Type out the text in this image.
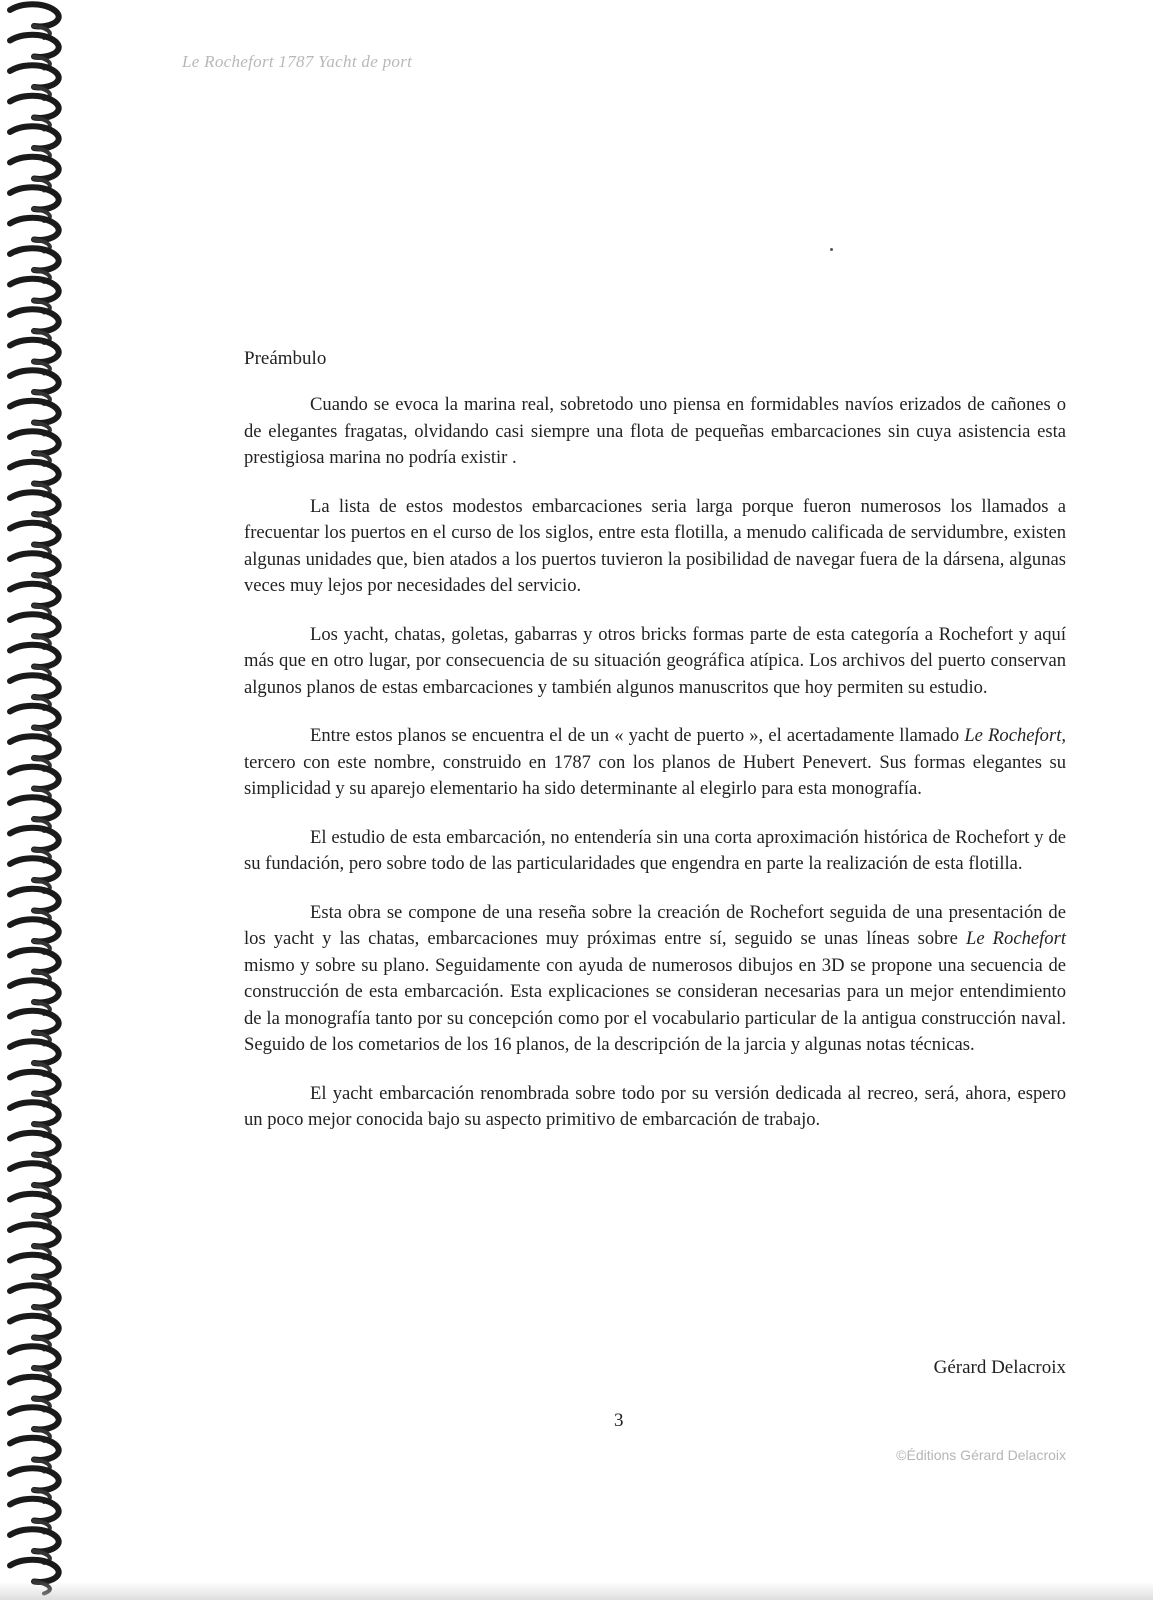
Le Rochefort 1787 Yacht de port
Preámbulo

Cuando se evoca la marina real, sobretodo uno piensa en formidables navíos erizados de cañones o de elegantes fragatas, olvidando casi siempre una flota de pequeñas embarcaciones sin cuya asistencia esta prestigiosa marina no podría existir .

La lista de estos modestos embarcaciones seria larga porque fueron numerosos los llamados a frecuentar los puertos en el curso de los siglos, entre esta flotilla, a menudo calificada de servidumbre, existen algunas unidades que, bien atados a los puertos tuvieron la posibilidad de navegar fuera de la dársena, algunas veces muy lejos por necesidades del servicio.

Los yacht, chatas, goletas, gabarras y otros bricks formas parte de esta categoría a Rochefort y aquí más que en otro lugar, por consecuencia de su situación geográfica atípica. Los archivos del puerto conservan algunos planos de estas embarcaciones y también algunos manuscritos que hoy permiten su estudio.

Entre estos planos se encuentra el de un « yacht de puerto », el acertadamente llamado Le Rochefort, tercero con este nombre, construido en 1787 con los planos de Hubert Penevert. Sus formas elegantes su simplicidad y su aparejo elementario ha sido determinante al elegirlo para esta monografía.

El estudio de esta embarcación, no entendería sin una corta aproximación histórica de Rochefort y de su fundación, pero sobre todo de las particularidades que engendra en parte la realización de esta flotilla.

Esta obra se compone de una reseña sobre la creación de Rochefort seguida de una presentación de los yacht y las chatas, embarcaciones muy próximas entre sí, seguido se unas líneas sobre Le Rochefort mismo y sobre su plano. Seguidamente con ayuda de numerosos dibujos en 3D se propone una secuencia de construcción de esta embarcación. Esta explicaciones se consideran necesarias para un mejor entendimiento de la monografía tanto por su concepción como por el vocabulario particular de la antigua construcción naval. Seguido de los cometarios de los 16 planos, de la descripción de la jarcia y algunas notas técnicas.

El yacht embarcación renombrada sobre todo por su versión dedicada al recreo, será, ahora, espero un poco mejor conocida bajo su aspecto primitivo de embarcación de trabajo.

Gérard Delacroix
3
©Éditions Gérard Delacroix
